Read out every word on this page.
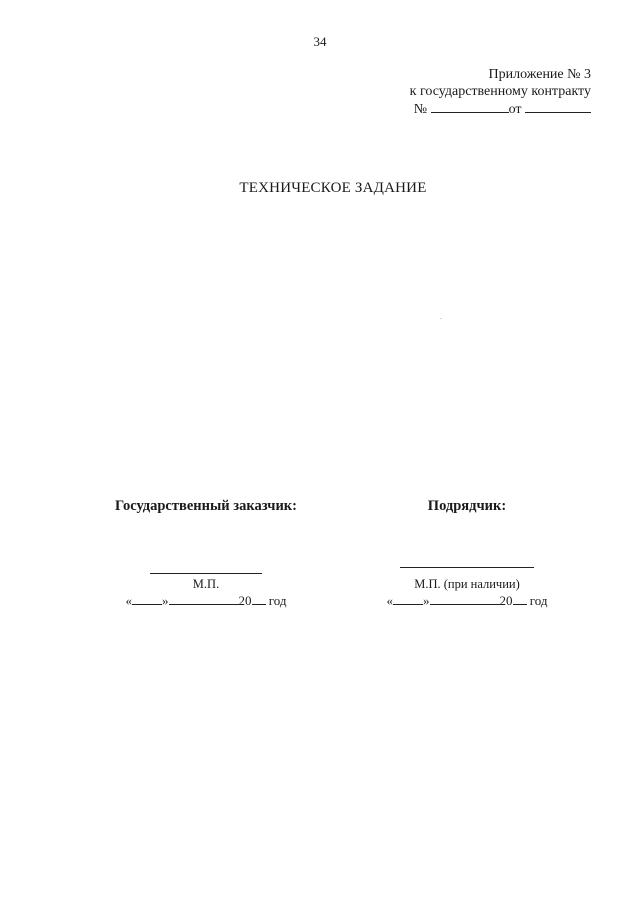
34
Приложение № 3
к государственному контракту
№	от
ТЕХНИЧЕСКОЕ ЗАДАНИЕ
Государственный заказчик:
М.П.
« »	20 год
Подрядчик:
М.П. (при наличии)
« »	20 год
